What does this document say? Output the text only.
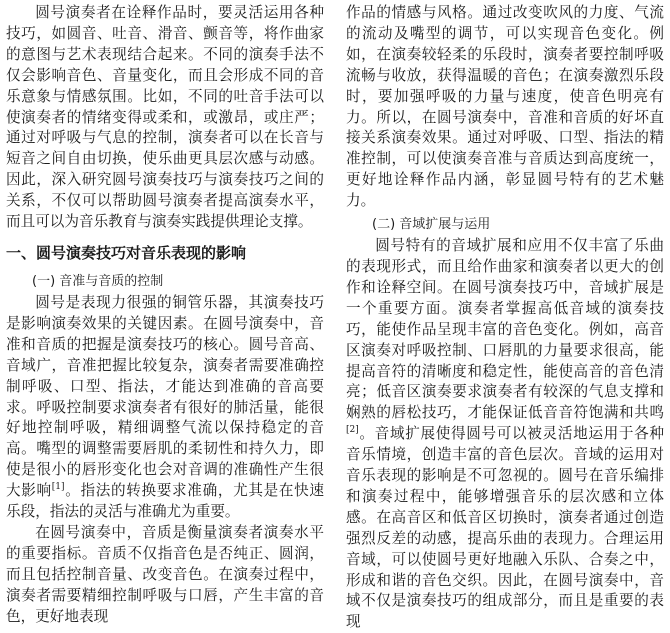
圆号演奏者在诠释作品时，要灵活运用各种技巧，如圆音、吐音、滑音、颤音等，将作曲家的意图与艺术表现结合起来。不同的演奏手法不仅会影响音色、音量变化，而且会形成不同的音乐意象与情感氛围。比如，不同的吐音手法可以使演奏者的情绪变得或柔和，或激昂，或庄严；通过对呼吸与气息的控制，演奏者可以在长音与短音之间自由切换，使乐曲更具层次感与动感。因此，深入研究圆号演奏技巧与演奏技巧之间的关系，不仅可以帮助圆号演奏者提高演奏水平，而且可以为音乐教育与演奏实践提供理论支撑。

一、圆号演奏技巧对音乐表现的影响
(一) 音准与音质的控制

圆号是表现力很强的铜管乐器，其演奏技巧是影响演奏效果的关键因素。在圆号演奏中，音准和音质的把握是演奏技巧的核心。圆号音高、音域广，音准把握比较复杂，演奏者需要准确控制呼吸、口型、指法，才能达到准确的音高要求。呼吸控制要求演奏者有很好的肺活量，能很好地控制呼吸，精细调整气流以保持稳定的音高。嘴型的调整需要唇肌的柔韧性和持久力，即使是很小的唇形变化也会对音调的准确性产生很大影响[1]。指法的转换要求准确，尤其是在快速乐段，指法的灵活与准确尤为重要。

在圆号演奏中，音质是衡量演奏者演奏水平的重要指标。音质不仅指音色是否纯正、圆润，而且包括控制音量、改变音色。在演奏过程中，演奏者需要精细控制呼吸与口唇，产生丰富的音色，更好地表现

作品的情感与风格。通过改变吹风的力度、气流的流动及嘴型的调节，可以实现音色变化。例如，在演奏较轻柔的乐段时，演奏者要控制呼吸流畅与收放，获得温暖的音色；在演奏激烈乐段时，要加强呼吸的力量与速度，使音色明亮有力。所以，在圆号演奏中，音准和音质的好坏直接关系演奏效果。通过对呼吸、口型、指法的精准控制，可以使演奏音准与音质达到高度统一，更好地诠释作品内涵，彰显圆号特有的艺术魅力。

(二) 音域扩展与运用

圆号特有的音域扩展和应用不仅丰富了乐曲的表现形式，而且给作曲家和演奏者以更大的创作和诠释空间。在圆号演奏技巧中，音域扩展是一个重要方面。演奏者掌握高低音域的演奏技巧，能使作品呈现丰富的音色变化。例如，高音区演奏对呼吸控制、口唇肌的力量要求很高，能提高音符的清晰度和稳定性，能使高音的音色清亮；低音区演奏要求演奏者有较深的气息支撑和娴熟的唇松技巧，才能保证低音音符饱满和共鸣[2]。音域扩展使得圆号可以被灵活地运用于各种音乐情境，创造丰富的音色层次。音域的运用对音乐表现的影响是不可忽视的。圆号在音乐编排和演奏过程中，能够增强音乐的层次感和立体感。在高音区和低音区切换时，演奏者通过创造强烈反差的动感，提高乐曲的表现力。合理运用音域，可以使圆号更好地融入乐队、合奏之中，形成和谐的音色交织。因此，在圆号演奏中，音域不仅是演奏技巧的组成部分，而且是重要的表现
